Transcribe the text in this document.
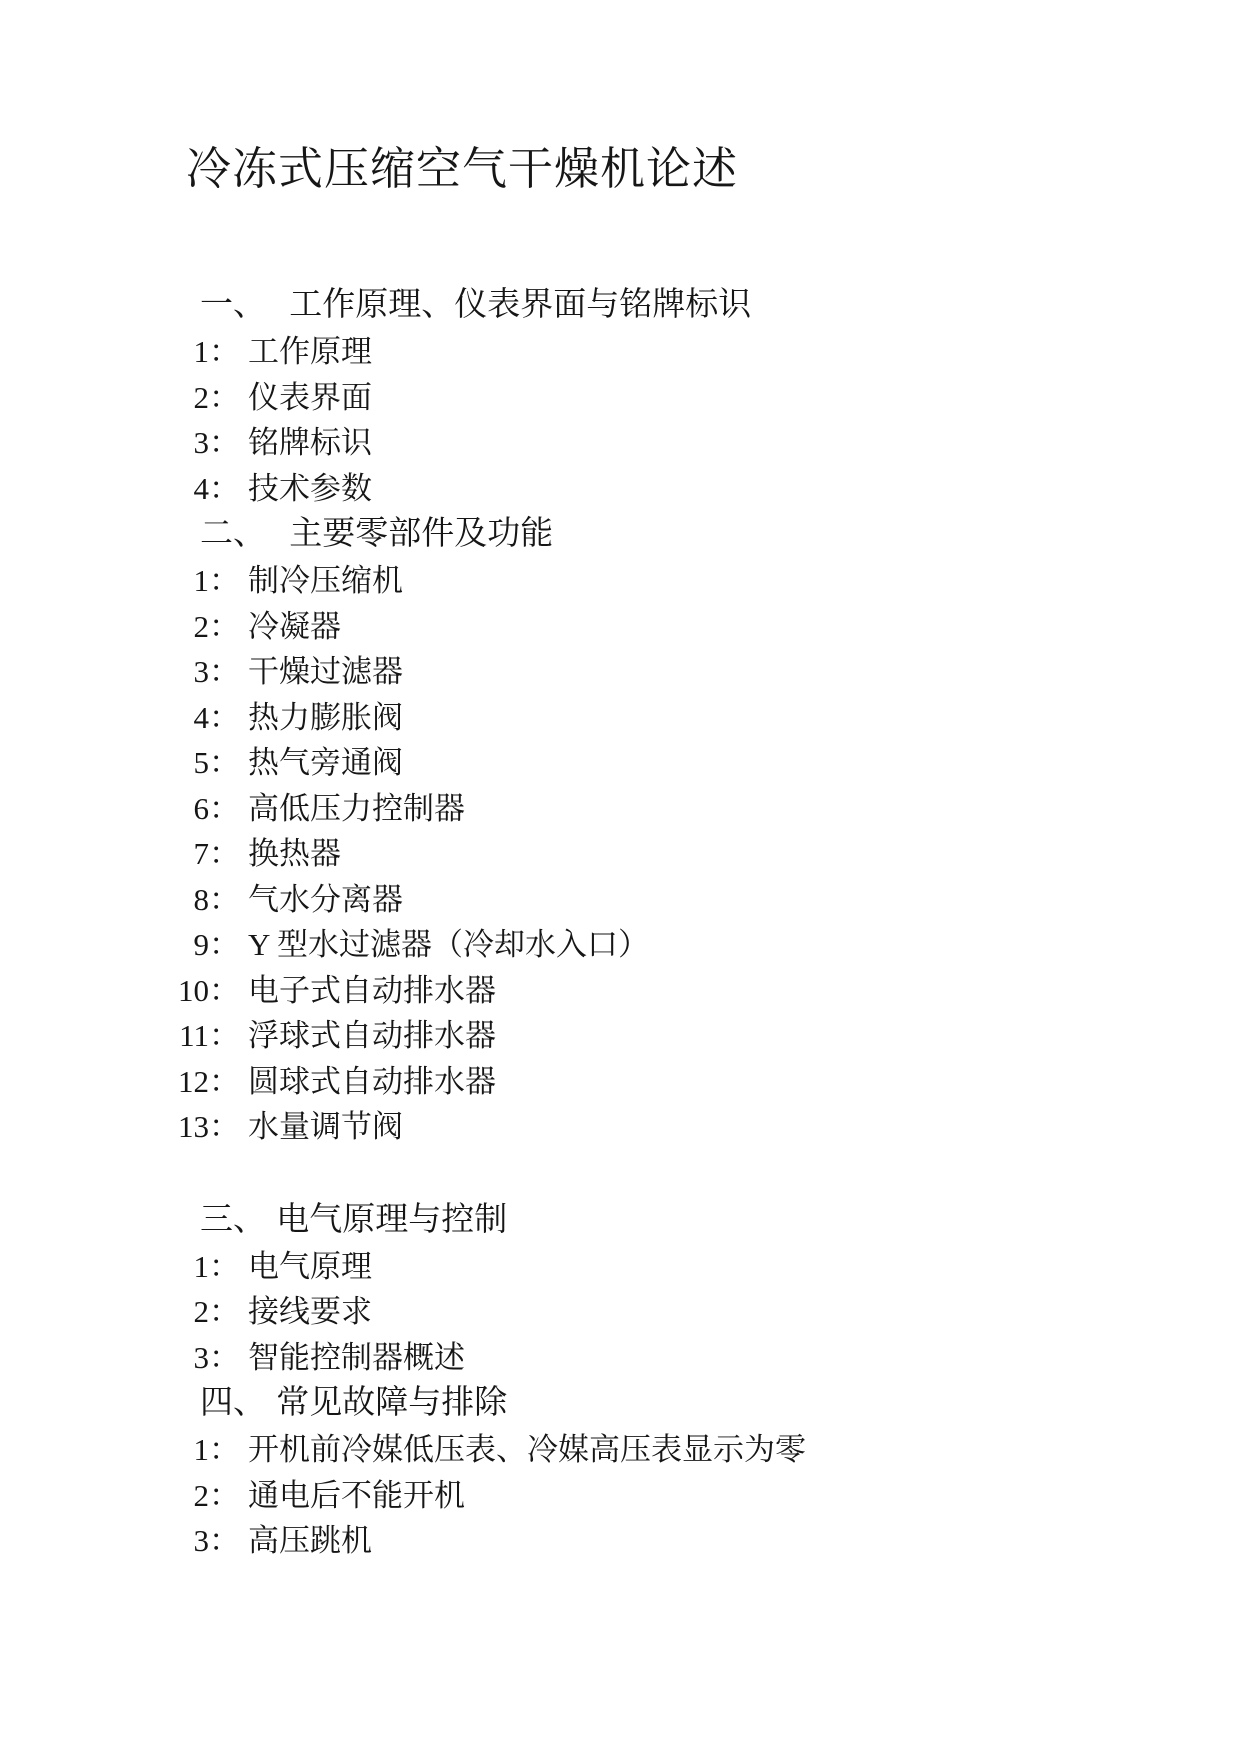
冷冻式压缩空气干燥机论述
一、 工作原理、仪表界面与铭牌标识
1： 工作原理
2： 仪表界面
3： 铭牌标识
4： 技术参数
二、 主要零部件及功能
1： 制冷压缩机
2： 冷凝器
3： 干燥过滤器
4： 热力膨胀阀
5： 热气旁通阀
6： 高低压力控制器
7： 换热器
8： 气水分离器
9： Y 型水过滤器（冷却水入口）
10： 电子式自动排水器
11： 浮球式自动排水器
12： 圆球式自动排水器
13： 水量调节阀
三、 电气原理与控制
1： 电气原理
2： 接线要求
3： 智能控制器概述
四、 常见故障与排除
1： 开机前冷媒低压表、冷媒高压表显示为零
2： 通电后不能开机
3： 高压跳机
